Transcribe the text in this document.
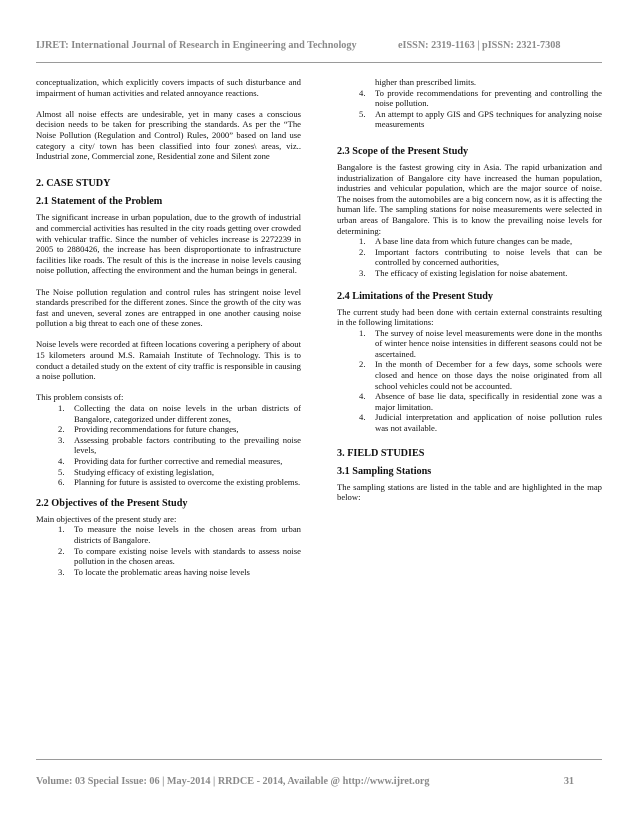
IJRET: International Journal of Research in Engineering and Technology	eISSN: 2319-1163 | pISSN: 2321-7308

conceptualization, which explicitly covers impacts of such disturbance and impairment of human activities and related annoyance reactions.

Almost all noise effects are undesirable, yet in many cases a conscious decision needs to be taken for prescribing the standards. As per the “The Noise Pollution (Regulation and Control) Rules, 2000” based on land use category a city/ town has been classified into four zones\ areas, viz.. Industrial zone, Commercial zone, Residential zone and Silent zone

2. CASE STUDY
2.1 Statement of the Problem

The significant increase in urban population, due to the growth of industrial and commercial activities has resulted in the city roads getting over crowded with vehicular traffic. Since the number of vehicles increase is 2272239 in 2005 to 2880426, the increase has been disproportionate to infrastructure facilities like roads. The result of this is the increase in noise levels causing noise pollution, affecting the environment and the human beings in general.

The Noise pollution regulation and control rules has stringent noise level standards prescribed for the different zones. Since the growth of the city was fast and uneven, several zones are entrapped in one another causing noise pollution a big threat to each one of these zones.

Noise levels were recorded at fifteen locations covering a periphery of about 15 kilometers around M.S. Ramaiah Institute of Technology. This is to conduct a detailed study on the extent of city traffic is responsible in causing a noise pollution.

This problem consists of:

1. Collecting the data on noise levels in the urban districts of Bangalore, categorized under different zones,
2. Providing recommendations for future changes,
3. Assessing probable factors contributing to the prevailing noise levels,
4. Providing data for further corrective and remedial measures,
5. Studying efficacy of existing legislation,
6. Planning for future is assisted to overcome the existing problems.
2.2 Objectives of the Present Study

Main objectives of the present study are:

1. To measure the noise levels in the chosen areas from urban districts of Bangalore.
2. To compare existing noise levels with standards to assess noise pollution in the chosen areas.
3. To locate the problematic areas having noise levels
higher than prescribed limits.
4. To provide recommendations for preventing and controlling the noise pollution.
5. An attempt to apply GIS and GPS techniques for analyzing noise measurements
2.3 Scope of the Present Study

Bangalore is the fastest growing city in Asia. The rapid urbanization and industrialization of Bangalore city have increased the human population, industries and vehicular population, which are the major source of noise. The noises from the automobiles are a big concern now, as it is affecting the human life. The sampling stations for noise measurements were selected in urban areas of Bangalore. This is to know the prevailing noise levels for determining:

1. A base line data from which future changes can be made,
2. Important factors contributing to noise levels that can be controlled by concerned authorities,
3. The efficacy of existing legislation for noise abatement.
2.4 Limitations of the Present Study

The current study had been done with certain external constraints resulting in the following limitations:

1. The survey of noise level measurements were done in the months of winter hence noise intensities in different seasons could not be ascertained.
2. In the month of December for a few days, some schools were closed and hence on those days the noise originated from all school vehicles could not be accounted.
4. Absence of base lie data, specifically in residential zone was a major limitation.
4. Judicial interpretation and application of noise pollution rules was not available.
3. FIELD STUDIES
3.1 Sampling Stations

The sampling stations are listed in the table and are highlighted in the map below:

Volume: 03 Special Issue: 06 | May-2014 | RRDCE - 2014, Available @ http://www.ijret.org	31
